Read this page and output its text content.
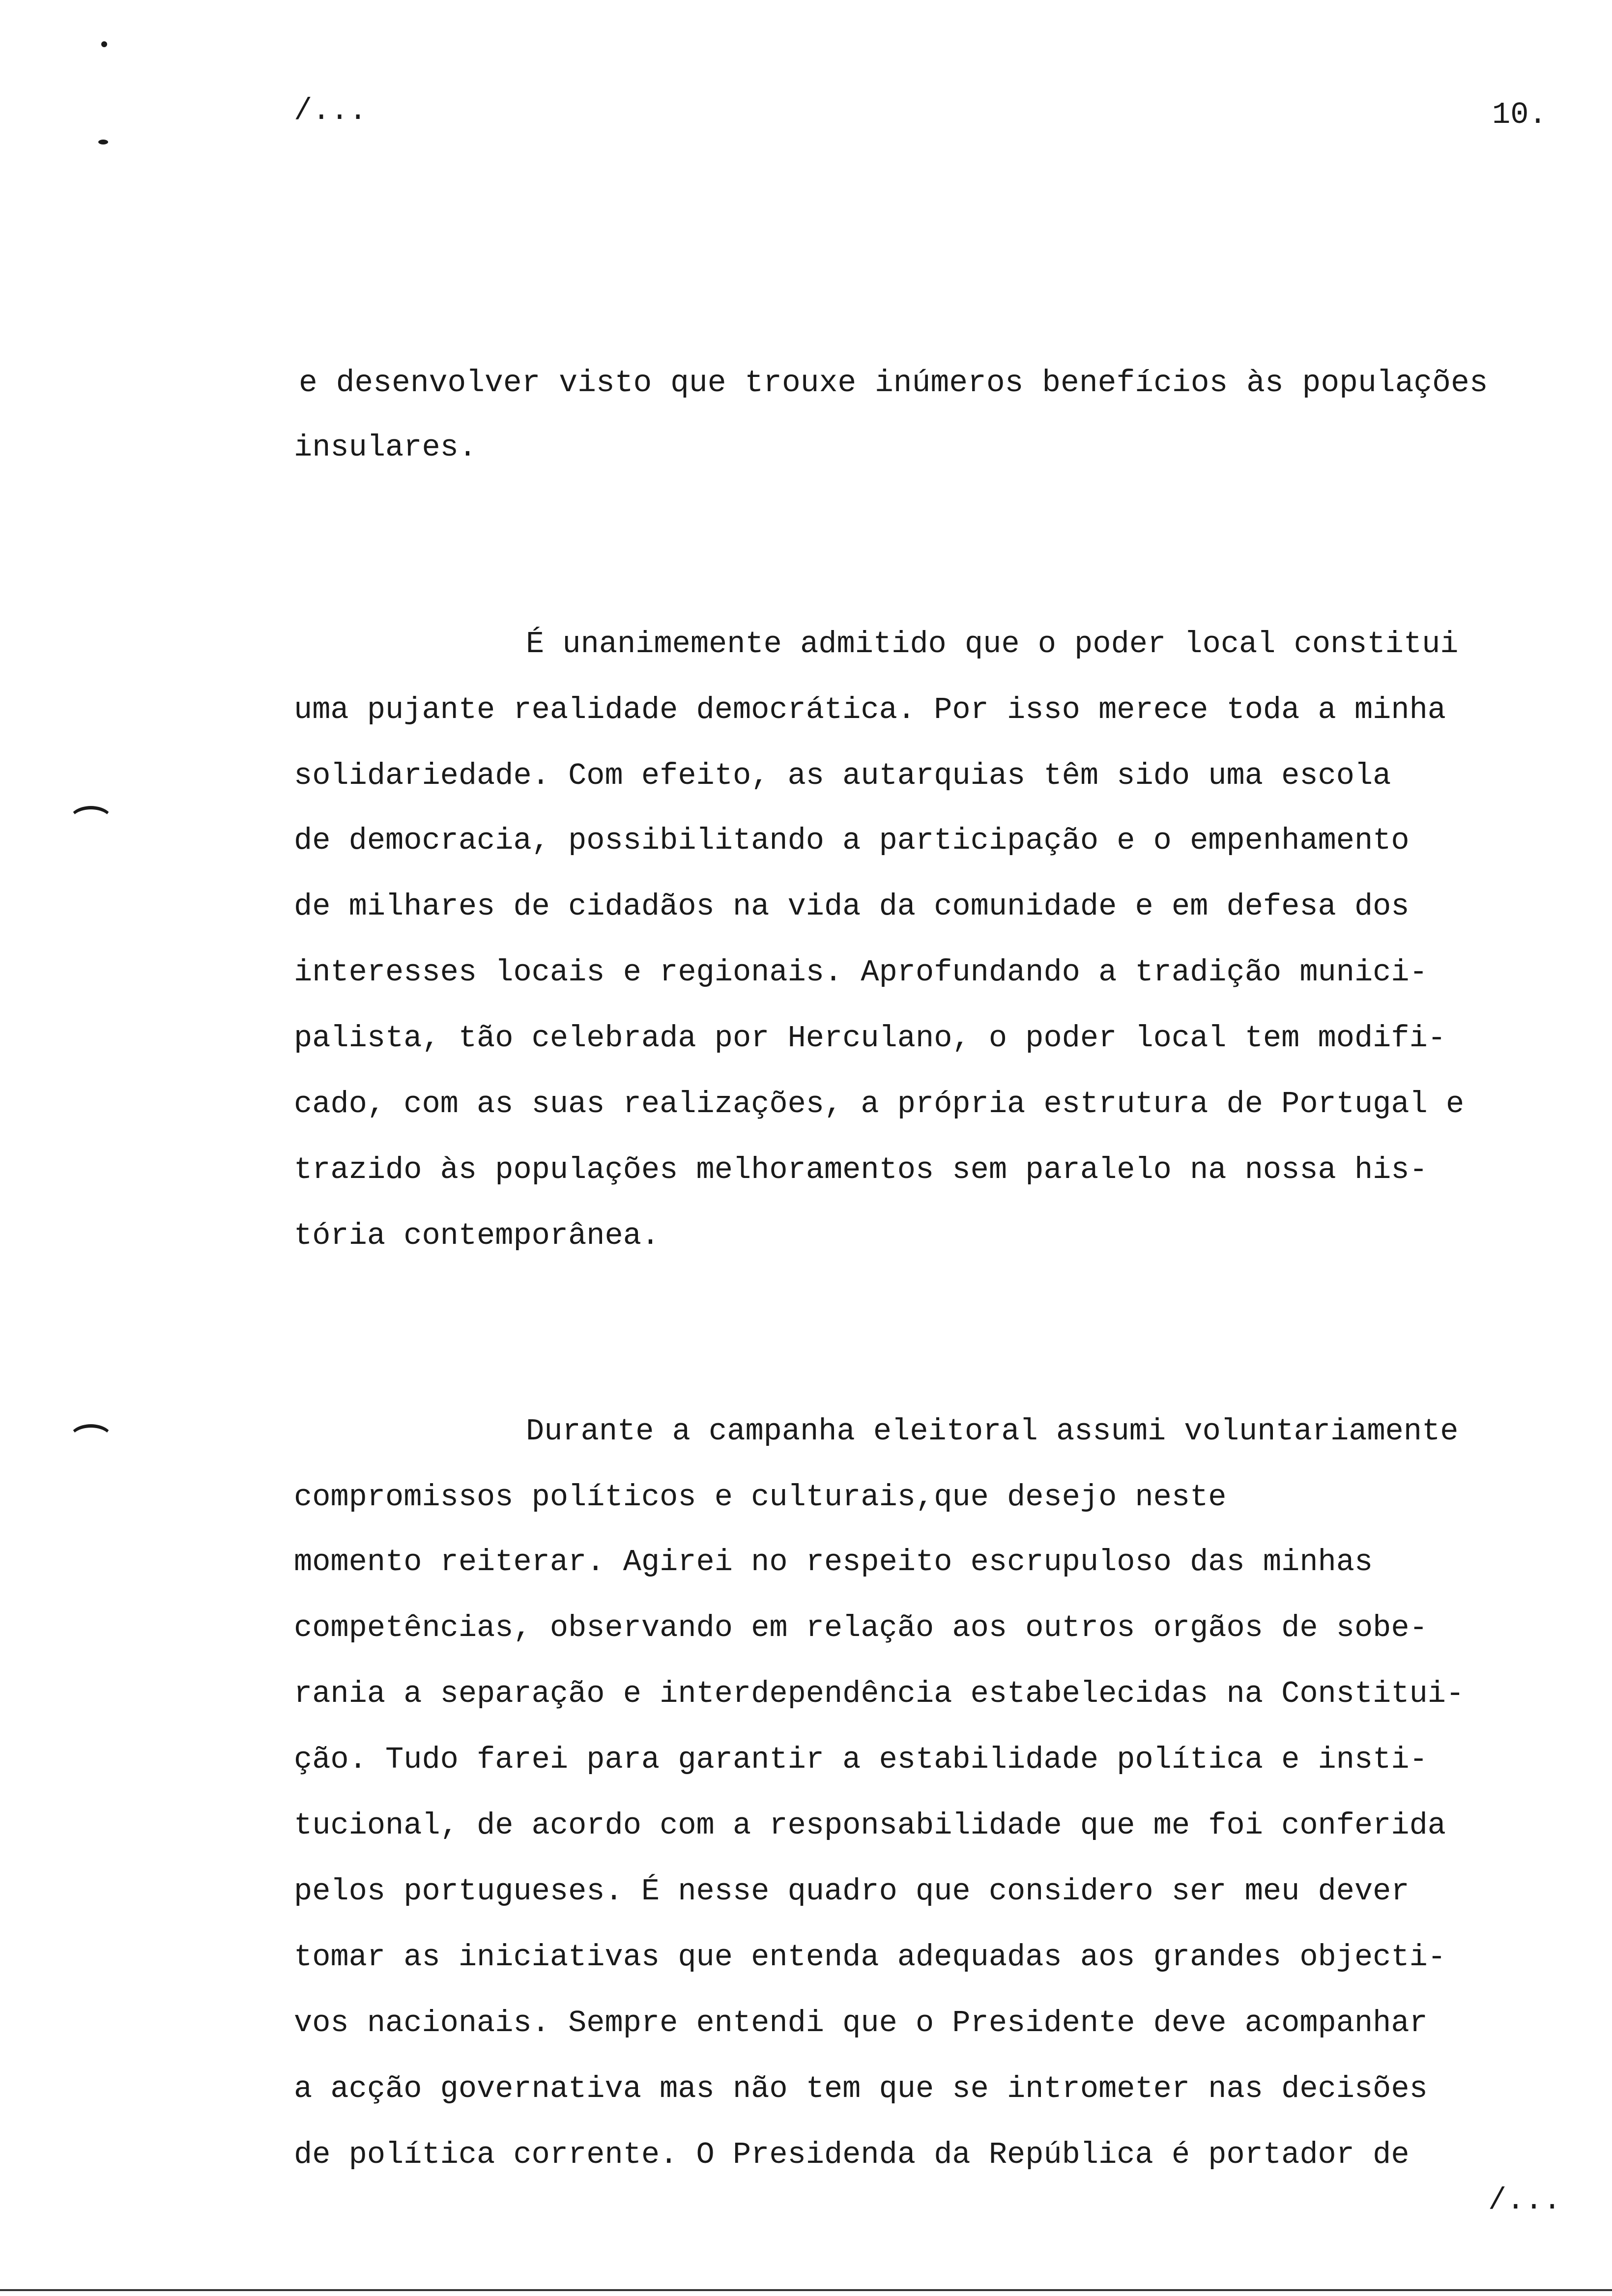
/...	10.
e desenvolver visto que trouxe inúmeros benefícios às populações
insulares.
É unanimemente admitido que o poder local constitui
uma pujante realidade democrática. Por isso merece toda a minha
solidariedade. Com efeito, as autarquias têm sido uma escola
de democracia, possibilitando a participação e o empenhamento
de milhares de cidadãos na vida da comunidade e em defesa dos
interesses locais e regionais. Aprofundando a tradição munici-
palista, tão celebrada por Herculano, o poder local tem modifi-
cado, com as suas realizações, a própria estrutura de Portugal e
trazido às populações melhoramentos sem paralelo na nossa his-
tória contemporânea.
Durante a campanha eleitoral assumi voluntariamente
compromissos políticos e culturais,que desejo neste
momento reiterar. Agirei no respeito escrupuloso das minhas
competências, observando em relação aos outros orgãos de sobe-
rania a separação e interdependência estabelecidas na Constitui-
ção. Tudo farei para garantir a estabilidade política e insti-
tucional, de acordo com a responsabilidade que me foi conferida
pelos portugueses. É nesse quadro que considero ser meu dever
tomar as iniciativas que entenda adequadas aos grandes objecti-
vos nacionais. Sempre entendi que o Presidente deve acompanhar
a acção governativa mas não tem que se intrometer nas decisões
de política corrente. O Presidenda da República é portador de
/...
